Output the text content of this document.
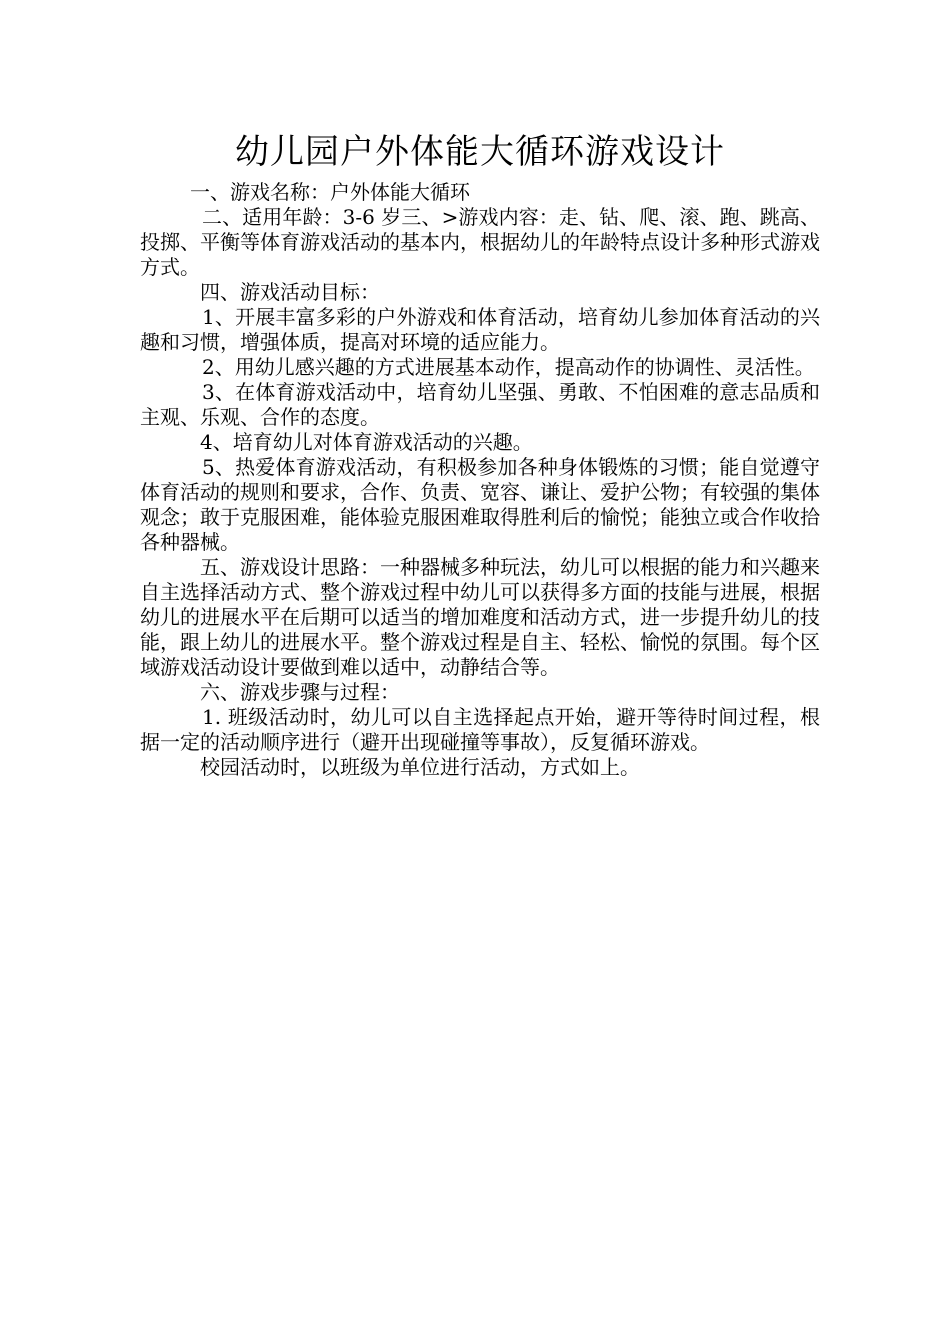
幼儿园户外体能大循环游戏设计

一、游戏名称：户外体能大循环

二、适用年龄：3-6 岁三、>游戏内容：走、钻、爬、滚、跑、跳高、投掷、平衡等体育游戏活动的基本内，根据幼儿的年龄特点设计多种形式游戏方式。

四、游戏活动目标：

1、开展丰富多彩的户外游戏和体育活动，培育幼儿参加体育活动的兴趣和习惯，增强体质，提高对环境的适应能力。

2、用幼儿感兴趣的方式进展基本动作，提高动作的协调性、灵活性。

3、在体育游戏活动中，培育幼儿坚强、勇敢、不怕困难的意志品质和主观、乐观、合作的态度。

4、培育幼儿对体育游戏活动的兴趣。

5、热爱体育游戏活动，有积极参加各种身体锻炼的习惯；能自觉遵守体育活动的规则和要求，合作、负责、宽容、谦让、爱护公物；有较强的集体观念；敢于克服困难，能体验克服困难取得胜利后的愉悦；能独立或合作收拾各种器械。

五、游戏设计思路：一种器械多种玩法，幼儿可以根据的能力和兴趣来自主选择活动方式、整个游戏过程中幼儿可以获得多方面的技能与进展，根据幼儿的进展水平在后期可以适当的增加难度和活动方式，进一步提升幼儿的技能，跟上幼儿的进展水平。整个游戏过程是自主、轻松、愉悦的氛围。每个区域游戏活动设计要做到难以适中，动静结合等。

六、游戏步骤与过程：

1. 班级活动时，幼儿可以自主选择起点开始，避开等待时间过程，根据一定的活动顺序进行（避开出现碰撞等事故），反复循环游戏。

校园活动时，以班级为单位进行活动，方式如上。
